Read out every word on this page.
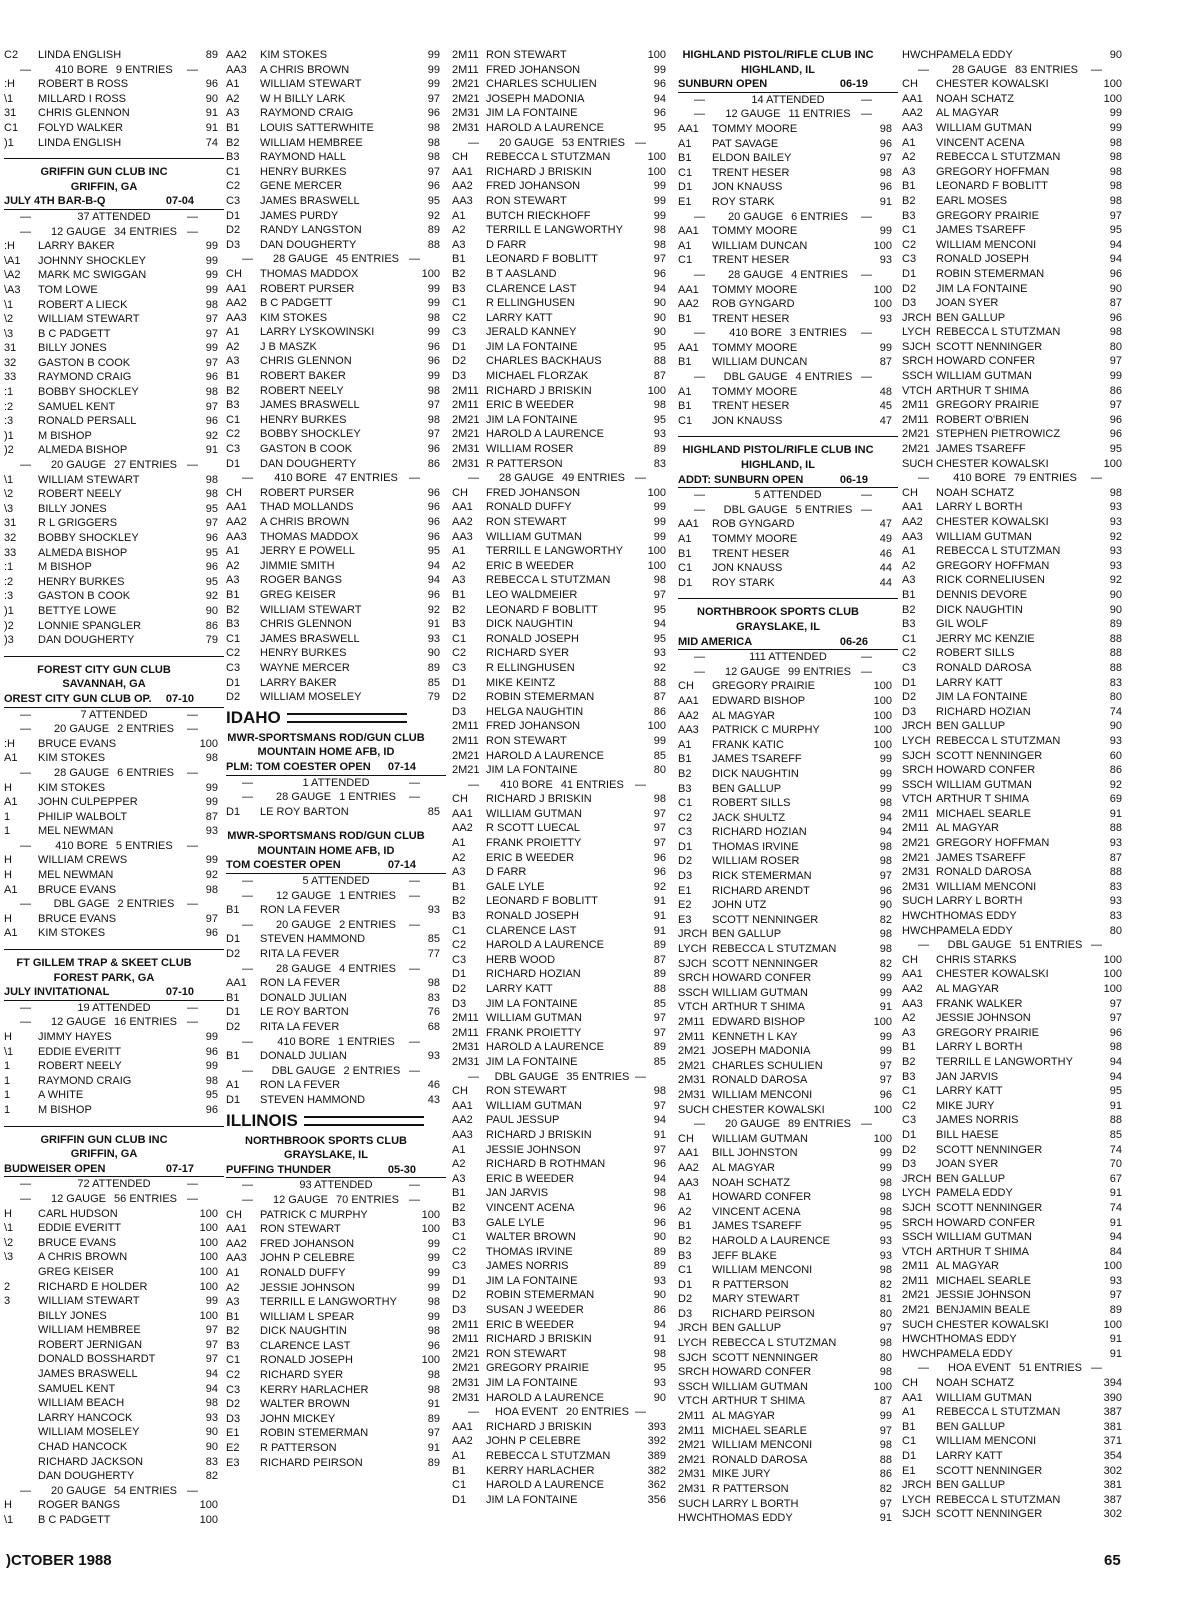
C2	LINDA ENGLISH	89
— 410 BORE 9 ENTRIES —
:H	ROBERT B ROSS	96
\1	MILLARD I ROSS	90
31	CHRIS GLENNON	91
C1	FOLYD WALKER	91
)1	LINDA ENGLISH	74
GRIFFIN GUN CLUB INC
GRIFFIN, GA
JULY 4TH BAR-B-Q	07-04
— 37 ATTENDED —
— 12 GAUGE 34 ENTRIES —
:H	LARRY BAKER	99
\A1	JOHNNY SHOCKLEY	99
\A2	MARK MC SWIGGAN	99
\A3	TOM LOWE	99
\1	ROBERT A LIECK	98
\2	WILLIAM STEWART	97
\3	B C PADGETT	97
31	BILLY JONES	99
32	GASTON B COOK	97
33	RAYMOND CRAIG	96
:1	BOBBY SHOCKLEY	98
:2	SAMUEL KENT	97
:3	RONALD PERSALL	96
)1	M BISHOP	92
)2	ALMEDA BISHOP	91
— 20 GAUGE 27 ENTRIES —
\1	WILLIAM STEWART	98
\2	ROBERT NEELY	98
\3	BILLY JONES	95
31	R L GRIGGERS	97
32	BOBBY SHOCKLEY	96
33	ALMEDA BISHOP	95
:1	M BISHOP	96
:2	HENRY BURKES	95
:3	GASTON B COOK	92
)1	BETTYE LOWE	90
)2	LONNIE SPANGLER	86
)3	DAN DOUGHERTY	79
FOREST CITY GUN CLUB
SAVANNAH, GA
OREST CITY GUN CLUB OP. 07-10
— 7 ATTENDED —
— 20 GAUGE 2 ENTRIES —
:H	BRUCE EVANS	100
A1	KIM STOKES	98
— 28 GAUGE 6 ENTRIES —
H	KIM STOKES	99
A1	JOHN CULPEPPER	99
1	PHILIP WALBOLT	87
1	MEL NEWMAN	93
— 410 BORE 5 ENTRIES —
H	WILLIAM CREWS	99
H	MEL NEWMAN	92
A1	BRUCE EVANS	98
— DBL GAGE 2 ENTRIES —
H	BRUCE EVANS	97
A1	KIM STOKES	96
FT GILLEM TRAP & SKEET CLUB
FOREST PARK, GA
JULY INVITATIONAL	07-10
— 19 ATTENDED —
— 12 GAUGE 16 ENTRIES —
H	JIMMY HAYES	99
\1	EDDIE EVERITT	96
1	ROBERT NEELY	99
1	RAYMOND CRAIG	98
1	A WHITE	95
1	M BISHOP	96
GRIFFIN GUN CLUB INC
GRIFFIN, GA
BUDWEISER OPEN	07-17
— 72 ATTENDED —
— 12 GAUGE 56 ENTRIES —
H	CARL HUDSON	100
\1	EDDIE EVERITT	100
\2	BRUCE EVANS	100
\3	A CHRIS BROWN	100
GREG KEISER	100
2	RICHARD E HOLDER	100
3	WILLIAM STEWART	99
BILLY JONES	100
WILLIAM HEMBREE	97
ROBERT JERNIGAN	97
DONALD BOSSHARDT	97
JAMES BRASWELL	94
SAMUEL KENT	94
WILLIAM BEACH	98
LARRY HANCOCK	93
WILLIAM MOSELEY	90
CHAD HANCOCK	90
RICHARD JACKSON	83
DAN DOUGHERTY	82
— 20 GAUGE 54 ENTRIES —
H	ROGER BANGS	100
\1	B C PADGETT	100
AA2	KIM STOKES	99
AA3	A CHRIS BROWN	99
A1	WILLIAM STEWART	99
A2	W H BILLY LARK	97
A3	RAYMOND CRAIG	96
B1	LOUIS SATTERWHITE	98
B2	WILLIAM HEMBREE	98
B3	RAYMOND HALL	98
C1	HENRY BURKES	97
C2	GENE MERCER	96
C3	JAMES BRASWELL	95
D1	JAMES PURDY	92
D2	RANDY LANGSTON	89
D3	DAN DOUGHERTY	88
— 28 GAUGE 45 ENTRIES —
CH	THOMAS MADDOX	100
AA1	ROBERT PURSER	99
AA2	B C PADGETT	99
AA3	KIM STOKES	98
A1	LARRY LYSKOWINSKI	99
A2	J B MASZK	96
A3	CHRIS GLENNON	96
B1	ROBERT BAKER	99
B2	ROBERT NEELY	98
B3	JAMES BRASWELL	97
C1	HENRY BURKES	98
C2	BOBBY SHOCKLEY	97
C3	GASTON B COOK	96
D1	DAN DOUGHERTY	86
— 410 BORE 47 ENTRIES —
CH	ROBERT PURSER	96
AA1	THAD MOLLANDS	96
AA2	A CHRIS BROWN	96
AA3	THOMAS MADDOX	96
A1	JERRY E POWELL	95
A2	JIMMIE SMITH	94
A3	ROGER BANGS	94
B1	GREG KEISER	96
B2	WILLIAM STEWART	92
B3	CHRIS GLENNON	91
C1	JAMES BRASWELL	93
C2	HENRY BURKES	90
C3	WAYNE MERCER	89
D1	LARRY BAKER	85
D2	WILLIAM MOSELEY	79
IDAHO
MWR-SPORTSMANS ROD/GUN CLUB
MOUNTAIN HOME AFB, ID
PLM: TOM COESTER OPEN 07-14
— 1 ATTENDED —
— 28 GAUGE 1 ENTRIES —
D1	LE ROY BARTON	85
MWR-SPORTSMANS ROD/GUN CLUB
MOUNTAIN HOME AFB, ID
TOM COESTER OPEN	07-14
— 5 ATTENDED —
— 12 GAUGE 1 ENTRIES —
B1	RON LA FEVER	93
— 20 GAUGE 2 ENTRIES —
D1	STEVEN HAMMOND	85
D2	RITA LA FEVER	77
— 28 GAUGE 4 ENTRIES —
AA1	RON LA FEVER	98
B1	DONALD JULIAN	83
D1	LE ROY BARTON	76
D2	RITA LA FEVER	68
— 410 BORE 1 ENTRIES —
B1	DONALD JULIAN	93
— DBL GAUGE 2 ENTRIES —
A1	RON LA FEVER	46
D1	STEVEN HAMMOND	43
ILLINOIS
NORTHBROOK SPORTS CLUB
GRAYSLAKE, IL
PUFFING THUNDER	05-30
— 93 ATTENDED —
— 12 GAUGE 70 ENTRIES —
CH	PATRICK C MURPHY	100
AA1	RON STEWART	100
AA2	FRED JOHANSON	99
AA3	JOHN P CELEBRE	99
A1	RONALD DUFFY	99
A2	JESSIE JOHNSON	99
A3	TERRILL E LANGWORTHY	98
B1	WILLIAM L SPEAR	99
B2	DICK NAUGHTIN	98
B3	CLARENCE LAST	96
C1	RONALD JOSEPH	100
C2	RICHARD SYER	98
C3	KERRY HARLACHER	98
D2	WALTER BROWN	91
D3	JOHN MICKEY	89
E1	ROBIN STEMERMAN	97
E2	R PATTERSON	91
E3	RICHARD PEIRSON	89
2M11 RON STEWART	100
2M11 FRED JOHANSON	99
2M21 CHARLES SCHULIEN	96
2M21 JOSEPH MADONIA	94
2M31 JIM LA FONTAINE	96
2M31 HAROLD A LAURENCE	95
— 20 GAUGE 53 ENTRIES —
CH	REBECCA L STUTZMAN	100
AA1	RICHARD J BRISKIN	100
AA2	FRED JOHANSON	99
AA3	RON STEWART	99
A1	BUTCH RIECKHOFF	99
A2	TERRILL E LANGWORTHY	98
A3	D FARR	98
B1	LEONARD F BOBLITT	97
B2	B T AASLAND	96
B3	CLARENCE LAST	94
C1	R ELLINGHUSEN	90
C2	LARRY KATT	90
C3	JERALD KANNEY	90
D1	JIM LA FONTAINE	95
D2	CHARLES BACKHAUS	88
D3	MICHAEL FLORZAK	87
2M11 RICHARD J BRISKIN	100
2M11 ERIC B WEEDER	98
2M21 JIM LA FONTAINE	95
2M21 HAROLD A LAURENCE	93
2M31 WILLIAM ROSER	89
2M31 R PATTERSON	83
— 28 GAUGE 49 ENTRIES —
CH	FRED JOHANSON	100
AA1	RONALD DUFFY	99
AA2	RON STEWART	99
AA3	WILLIAM GUTMAN	99
A1	TERRILL E LANGWORTHY	100
A2	ERIC B WEEDER	100
A3	REBECCA L STUTZMAN	98
B1	LEO WALDMEIER	97
B2	LEONARD F BOBLITT	95
B3	DICK NAUGHTIN	94
C1	RONALD JOSEPH	95
C2	RICHARD SYER	93
C3	R ELLINGHUSEN	92
D1	MIKE KEINTZ	88
D2	ROBIN STEMERMAN	87
D3	HELGA NAUGHTIN	86
2M11 FRED JOHANSON	100
2M11 RON STEWART	99
2M21 HAROLD A LAURENCE	85
2M21 JIM LA FONTAINE	80
— 410 BORE 41 ENTRIES —
CH	RICHARD J BRISKIN	98
AA1	WILLIAM GUTMAN	97
AA2	R SCOTT LUECAL	97
A1	FRANK PROIETTY	97
A2	ERIC B WEEDER	96
A3	D FARR	96
B1	GALE LYLE	92
B2	LEONARD F BOBLITT	91
B3	RONALD JOSEPH	91
C1	CLARENCE LAST	91
C2	HAROLD A LAURENCE	89
C3	HERB WOOD	87
D1	RICHARD HOZIAN	89
D2	LARRY KATT	88
D3	JIM LA FONTAINE	85
2M11 WILLIAM GUTMAN	97
2M11 FRANK PROIETTY	97
2M31 HAROLD A LAURENCE	89
2M31 JIM LA FONTAINE	85
— DBL GAUGE 35 ENTRIES —
CH	RON STEWART	98
AA1	WILLIAM GUTMAN	97
AA2	PAUL JESSUP	94
AA3	RICHARD J BRISKIN	91
A1	JESSIE JOHNSON	97
A2	RICHARD B ROTHMAN	96
A3	ERIC B WEEDER	94
B1	JAN JARVIS	98
B2	VINCENT ACENA	96
B3	GALE LYLE	96
C1	WALTER BROWN	90
C2	THOMAS IRVINE	89
C3	JAMES NORRIS	89
D1	JIM LA FONTAINE	93
D2	ROBIN STEMERMAN	90
D3	SUSAN J WEEDER	86
2M11 ERIC B WEEDER	94
2M11 RICHARD J BRISKIN	91
2M21 RON STEWART	98
2M21 GREGORY PRAIRIE	95
2M31 JIM LA FONTAINE	93
2M31 HAROLD A LAURENCE	90
— HOA EVENT 20 ENTRIES —
AA1	RICHARD J BRISKIN	393
AA2	JOHN P CELEBRE	392
A1	REBECCA L STUTZMAN	389
B1	KERRY HARLACHER	382
C1	HAROLD A LAURENCE	362
D1	JIM LA FONTAINE	356
HIGHLAND PISTOL/RIFLE CLUB INC
HIGHLAND, IL
SUNBURN OPEN	06-19
— 14 ATTENDED —
— 12 GAUGE 11 ENTRIES —
AA1	TOMMY MOORE	98
A1	PAT SAVAGE	96
B1	ELDON BAILEY	97
C1	TRENT HESER	98
D1	JON KNAUSS	96
E1	ROY STARK	91
— 20 GAUGE 6 ENTRIES —
AA1	TOMMY MOORE	99
A1	WILLIAM DUNCAN	100
C1	TRENT HESER	93
— 28 GAUGE 4 ENTRIES —
AA1	TOMMY MOORE	100
AA2	ROB GYNGARD	100
B1	TRENT HESER	93
— 410 BORE 3 ENTRIES —
AA1	TOMMY MOORE	99
B1	WILLIAM DUNCAN	87
— DBL GAUGE 4 ENTRIES —
A1	TOMMY MOORE	48
B1	TRENT HESER	45
C1	JON KNAUSS	47
HIGHLAND PISTOL/RIFLE CLUB INC
HIGHLAND, IL
ADDT: SUNBURN OPEN	06-19
— 5 ATTENDED —
— DBL GAUGE 5 ENTRIES —
AA1	ROB GYNGARD	47
A1	TOMMY MOORE	49
B1	TRENT HESER	46
C1	JON KNAUSS	44
D1	ROY STARK	44
NORTHBROOK SPORTS CLUB
GRAYSLAKE, IL
MID AMERICA	06-26
— 111 ATTENDED —
— 12 GAUGE 99 ENTRIES —
CH	GREGORY PRAIRIE	100
AA1	EDWARD BISHOP	100
AA2	AL MAGYAR	100
AA3	PATRICK C MURPHY	100
A1	FRANK KATIC	100
B1	JAMES TSAREFF	99
B2	DICK NAUGHTIN	99
B3	BEN GALLUP	99
C1	ROBERT SILLS	98
C2	JACK SHULTZ	94
C3	RICHARD HOZIAN	94
D1	THOMAS IRVINE	98
D2	WILLIAM ROSER	98
D3	RICK STEMERMAN	97
E1	RICHARD ARENDT	96
E2	JOHN UTZ	90
E3	SCOTT NENNINGER	82
JRCH BEN GALLUP	98
LYCH REBECCA L STUTZMAN	98
SJCH SCOTT NENNINGER	82
SRCH HOWARD CONFER	99
SSCH WILLIAM GUTMAN	99
VTCH ARTHUR T SHIMA	91
2M11 EDWARD BISHOP	100
2M11 KENNETH L KAY	99
2M21 JOSEPH MADONIA	99
2M21 CHARLES SCHULIEN	97
2M31 RONALD DAROSA	97
2M31 WILLIAM MENCONI	96
SUCH CHESTER KOWALSKI	100
— 20 GAUGE 89 ENTRIES —
CH	WILLIAM GUTMAN	100
AA1	BILL JOHNSTON	99
AA2	AL MAGYAR	99
AA3	NOAH SCHATZ	98
A1	HOWARD CONFER	98
A2	VINCENT ACENA	98
B1	JAMES TSAREFF	95
B2	HAROLD A LAURENCE	93
B3	JEFF BLAKE	93
C1	WILLIAM MENCONI	98
D1	R PATTERSON	82
D2	MARY STEWART	81
D3	RICHARD PEIRSON	80
JRCH BEN GALLUP	97
LYCH REBECCA L STUTZMAN	98
SJCH SCOTT NENNINGER	80
SRCH HOWARD CONFER	98
SSCH WILLIAM GUTMAN	100
VTCH ARTHUR T SHIMA	87
2M11 AL MAGYAR	99
2M11 MICHAEL SEARLE	97
2M21 WILLIAM MENCONI	98
2M21 RONALD DAROSA	88
2M31 MIKE JURY	86
2M31 R PATTERSON	82
SUCH LARRY L BORTH	97
HWCH THOMAS EDDY	91
HWCH PAMELA EDDY	90
— 28 GAUGE 83 ENTRIES —
CH	CHESTER KOWALSKI	100
AA1	NOAH SCHATZ	100
AA2	AL MAGYAR	99
AA3	WILLIAM GUTMAN	99
A1	VINCENT ACENA	98
A2	REBECCA L STUTZMAN	98
A3	GREGORY HOFFMAN	98
B1	LEONARD F BOBLITT	98
B2	EARL MOSES	98
B3	GREGORY PRAIRIE	97
C1	JAMES TSAREFF	95
C2	WILLIAM MENCONI	94
C3	RONALD JOSEPH	94
D1	ROBIN STEMERMAN	96
D2	JIM LA FONTAINE	90
D3	JOAN SYER	87
JRCH BEN GALLUP	96
LYCH REBECCA L STUTZMAN	98
SJCH SCOTT NENNINGER	80
SRCH HOWARD CONFER	97
SSCH WILLIAM GUTMAN	99
VTCH ARTHUR T SHIMA	86
2M11 GREGORY PRAIRIE	97
2M11 ROBERT O'BRIEN	96
2M21 STEPHEN PIETROWICZ	96
2M21 JAMES TSAREFF	95
SUCH CHESTER KOWALSKI	100
— 410 BORE 79 ENTRIES —
CH	NOAH SCHATZ	98
AA1	LARRY L BORTH	93
AA2	CHESTER KOWALSKI	93
AA3	WILLIAM GUTMAN	92
A1	REBECCA L STUTZMAN	93
A2	GREGORY HOFFMAN	93
A3	RICK CORNELIUSEN	92
B1	DENNIS DEVORE	90
B2	DICK NAUGHTIN	90
B3	GIL WOLF	89
C1	JERRY MC KENZIE	88
C2	ROBERT SILLS	88
C3	RONALD DAROSA	88
D1	LARRY KATT	83
D2	JIM LA FONTAINE	80
D3	RICHARD HOZIAN	74
JRCH BEN GALLUP	90
LYCH REBECCA L STUTZMAN	93
SJCH SCOTT NENNINGER	60
SRCH HOWARD CONFER	86
SSCH WILLIAM GUTMAN	92
VTCH ARTHUR T SHIMA	69
2M11 MICHAEL SEARLE	91
2M11 AL MAGYAR	88
2M21 GREGORY HOFFMAN	93
2M21 JAMES TSAREFF	87
2M31 RONALD DAROSA	88
2M31 WILLIAM MENCONI	83
SUCH LARRY L BORTH	93
HWCH THOMAS EDDY	83
HWCH PAMELA EDDY	80
— DBL GAUGE 51 ENTRIES —
CH	CHRIS STARKS	100
AA1	CHESTER KOWALSKI	100
AA2	AL MAGYAR	100
AA3	FRANK WALKER	97
A2	JESSIE JOHNSON	97
A3	GREGORY PRAIRIE	96
B1	LARRY L BORTH	98
B2	TERRILL E LANGWORTHY	94
B3	JAN JARVIS	94
C1	LARRY KATT	95
C2	MIKE JURY	91
C3	JAMES NORRIS	88
D1	BILL HAESE	85
D2	SCOTT NENNINGER	74
D3	JOAN SYER	70
JRCH BEN GALLUP	67
LYCH PAMELA EDDY	91
SJCH SCOTT NENNINGER	74
SRCH HOWARD CONFER	91
SSCH WILLIAM GUTMAN	94
VTCH ARTHUR T SHIMA	84
2M11 AL MAGYAR	100
2M11 MICHAEL SEARLE	93
2M21 JESSIE JOHNSON	97
2M21 BENJAMIN BEALE	89
SUCH CHESTER KOWALSKI	100
HWCH THOMAS EDDY	91
HWCH PAMELA EDDY	91
— HOA EVENT 51 ENTRIES —
CH	NOAH SCHATZ	394
AA1	WILLIAM GUTMAN	390
A1	REBECCA L STUTZMAN	387
B1	BEN GALLUP	381
C1	WILLIAM MENCONI	371
D1	LARRY KATT	354
E1	SCOTT NENNINGER	302
JRCH BEN GALLUP	381
LYCH REBECCA L STUTZMAN	387
SJCH SCOTT NENNINGER	302
)CTOBER 1988	65
